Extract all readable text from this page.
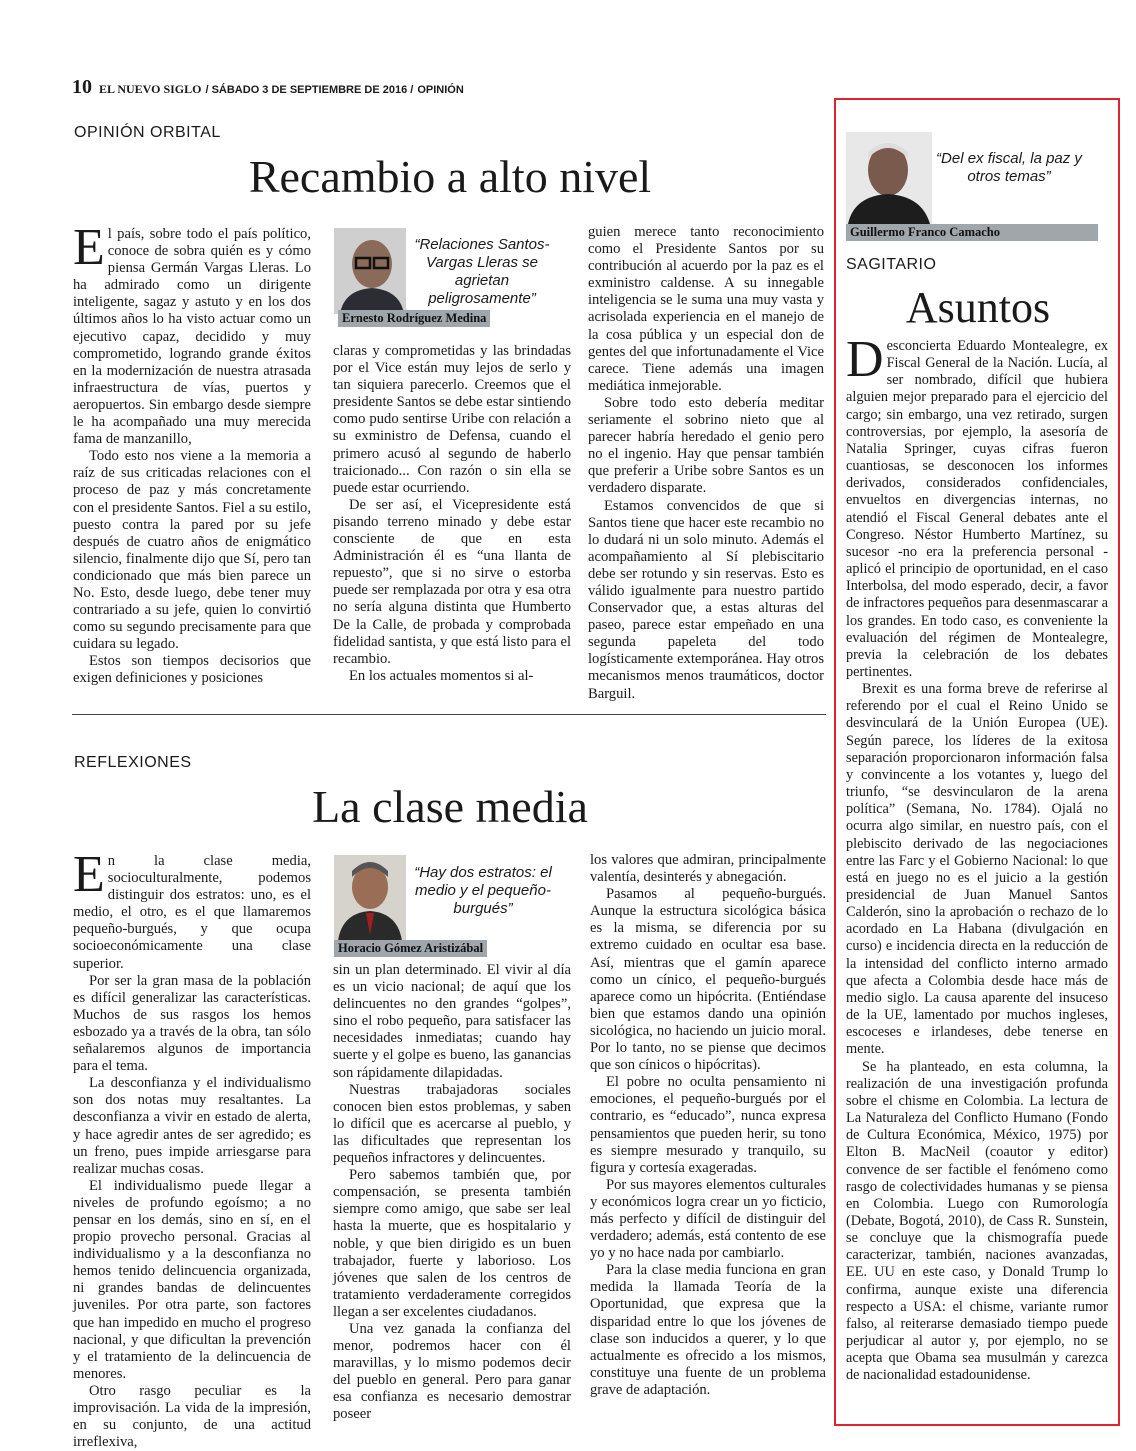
10 EL NUEVO SIGLO / SÁBADO 3 DE SEPTIEMBRE DE 2016 / OPINIÓN
OPINIÓN ORBITAL
Recambio a alto nivel

El país, sobre todo el país político, conoce de sobra quién es y cómo piensa Germán Vargas Lleras. Lo ha admirado como un dirigente inteligente, sagaz y astuto y en los dos últimos años lo ha visto actuar como un ejecutivo capaz, decidido y muy comprometido, logrando grande éxitos en la modernización de nuestra atrasada infraestructura de vías, puertos y aeropuertos. Sin embargo desde siempre le ha acompañado una muy merecida fama de manzanillo,

Todo esto nos viene a la memoria a raíz de sus criticadas relaciones con el proceso de paz y más concretamente con el presidente Santos. Fiel a su estilo, puesto contra la pared por su jefe después de cuatro años de enigmático silencio, finalmente dijo que Sí, pero tan condicionado que más bien parece un No. Esto, desde luego, debe tener muy contrariado a su jefe, quien lo convirtió como su segundo precisamente para que cuidara su legado.

Estos son tiempos decisorios que exigen definiciones y posiciones

“Relaciones Santos-Vargas Lleras se agrietan peligrosamente”
Ernesto Rodríguez Medina

claras y comprometidas y las brindadas por el Vice están muy lejos de serlo y tan siquiera parecerlo. Creemos que el presidente Santos se debe estar sintiendo como pudo sentirse Uribe con relación a su exministro de Defensa, cuando el primero acusó al segundo de haberlo traicionado... Con razón o sin ella se puede estar ocurriendo.

De ser así, el Vicepresidente está pisando terreno minado y debe estar consciente de que en esta Administración él es “una llanta de repuesto”, que si no sirve o estorba puede ser remplazada por otra y esa otra no sería alguna distinta que Humberto De la Calle, de probada y comprobada fidelidad santista, y que está listo para el recambio.

En los actuales momentos si al-

guien merece tanto reconocimiento como el Presidente Santos por su contribución al acuerdo por la paz es el exministro caldense. A su innegable inteligencia se le suma una muy vasta y acrisolada experiencia en el manejo de la cosa pública y un especial don de gentes del que infortunadamente el Vice carece. Tiene además una imagen mediática inmejorable.

Sobre todo esto debería meditar seriamente el sobrino nieto que al parecer habría heredado el genio pero no el ingenio. Hay que pensar también que preferir a Uribe sobre Santos es un verdadero disparate.

Estamos convencidos de que si Santos tiene que hacer este recambio no lo dudará ni un solo minuto. Además el acompañamiento al Sí plebiscitario debe ser rotundo y sin reservas. Esto es válido igualmente para nuestro partido Conservador que, a estas alturas del paseo, parece estar empeñado en una segunda papeleta del todo logísticamente extemporánea. Hay otros mecanismos menos traumáticos, doctor Barguil.

REFLEXIONES
La clase media

En la clase media, socioculturalmente, podemos distinguir dos estratos: uno, es el medio, el otro, es el que llamaremos pequeño-burgués, y que ocupa socioeconómicamente una clase superior.

Por ser la gran masa de la población es difícil generalizar las características. Muchos de sus rasgos los hemos esbozado ya a través de la obra, tan sólo señalaremos algunos de importancia para el tema.

La desconfianza y el individualismo son dos notas muy resaltantes. La desconfianza a vivir en estado de alerta, y hace agredir antes de ser agredido; es un freno, pues impide arriesgarse para realizar muchas cosas.

El individualismo puede llegar a niveles de profundo egoísmo; a no pensar en los demás, sino en sí, en el propio provecho personal. Gracias al individualismo y a la desconfianza no hemos tenido delincuencia organizada, ni grandes bandas de delincuentes juveniles. Por otra parte, son factores que han impedido en mucho el progreso nacional, y que dificultan la prevención y el tratamiento de la delincuencia de menores.

Otro rasgo peculiar es la improvisación. La vida de la impresión, en su conjunto, de una actitud irreflexiva,

“Hay dos estratos: el medio y el pequeño-burgués”
Horacio Gómez Aristizábal

sin un plan determinado. El vivir al día es un vicio nacional; de aquí que los delincuentes no den grandes “golpes”, sino el robo pequeño, para satisfacer las necesidades inmediatas; cuando hay suerte y el golpe es bueno, las ganancias son rápidamente dilapidadas.

Nuestras trabajadoras sociales conocen bien estos problemas, y saben lo difícil que es acercarse al pueblo, y las dificultades que representan los pequeños infractores y delincuentes.

Pero sabemos también que, por compensación, se presenta también siempre como amigo, que sabe ser leal hasta la muerte, que es hospitalario y noble, y que bien dirigido es un buen trabajador, fuerte y laborioso. Los jóvenes que salen de los centros de tratamiento verdaderamente corregidos llegan a ser excelentes ciudadanos.

Una vez ganada la confianza del menor, podremos hacer con él maravillas, y lo mismo podemos decir del pueblo en general. Pero para ganar esa confianza es necesario demostrar poseer

los valores que admiran, principalmente valentía, desinterés y abnegación.

Pasamos al pequeño-burgués. Aunque la estructura sicológica básica es la misma, se diferencia por su extremo cuidado en ocultar esa base. Así, mientras que el gamín aparece como un cínico, el pequeño-burgués aparece como un hipócrita. (Entiéndase bien que estamos dando una opinión sicológica, no haciendo un juicio moral. Por lo tanto, no se piense que decimos que son cínicos o hipócritas).

El pobre no oculta pensamiento ni emociones, el pequeño-burgués por el contrario, es “educado”, nunca expresa pensamientos que pueden herir, su tono es siempre mesurado y tranquilo, su figura y cortesía exageradas.

Por sus mayores elementos culturales y económicos logra crear un yo ficticio, más perfecto y difícil de distinguir del verdadero; además, está contento de ese yo y no hace nada por cambiarlo.

Para la clase media funciona en gran medida la llamada Teoría de la Oportunidad, que expresa que la disparidad entre lo que los jóvenes de clase son inducidos a querer, y lo que actualmente es ofrecido a los mismos, constituye una fuente de un problema grave de adaptación.

“Del ex fiscal, la paz y otros temas”
Guillermo Franco Camacho
SAGITARIO
Asuntos

Desconcierta Eduardo Montealegre, ex Fiscal General de la Nación. Lucía, al ser nombrado, difícil que hubiera alguien mejor preparado para el ejercicio del cargo; sin embargo, una vez retirado, surgen controversias, por ejemplo, la asesoría de Natalia Springer, cuyas cifras fueron cuantiosas, se desconocen los informes derivados, considerados confidenciales, envueltos en divergencias internas, no atendió el Fiscal General debates ante el Congreso. Néstor Humberto Martínez, su sucesor -no era la preferencia personal - aplicó el principio de oportunidad, en el caso Interbolsa, del modo esperado, decir, a favor de infractores pequeños para desenmascarar a los grandes. En todo caso, es conveniente la evaluación del régimen de Montealegre, previa la celebración de los debates pertinentes.

Brexit es una forma breve de referirse al referendo por el cual el Reino Unido se desvinculará de la Unión Europea (UE). Según parece, los líderes de la exitosa separación proporcionaron información falsa y convincente a los votantes y, luego del triunfo, “se desvincularon de la arena política” (Semana, No. 1784). Ojalá no ocurra algo similar, en nuestro país, con el plebiscito derivado de las negociaciones entre las Farc y el Gobierno Nacional: lo que está en juego no es el juicio a la gestión presidencial de Juan Manuel Santos Calderón, sino la aprobación o rechazo de lo acordado en La Habana (divulgación en curso) e incidencia directa en la reducción de la intensidad del conflicto interno armado que afecta a Colombia desde hace más de medio siglo. La causa aparente del insuceso de la UE, lamentado por muchos ingleses, escoceses e irlandeses, debe tenerse en mente.

Se ha planteado, en esta columna, la realización de una investigación profunda sobre el chisme en Colombia. La lectura de La Naturaleza del Conflicto Humano (Fondo de Cultura Económica, México, 1975) por Elton B. MacNeil (coautor y editor) convence de ser factible el fenómeno como rasgo de colectividades humanas y se piensa en Colombia. Luego con Rumorología (Debate, Bogotá, 2010), de Cass R. Sunstein, se concluye que la chismografía puede caracterizar, también, naciones avanzadas, EE. UU en este caso, y Donald Trump lo confirma, aunque existe una diferencia respecto a USA: el chisme, variante rumor falso, al reiterarse demasiado tiempo puede perjudicar al autor y, por ejemplo, no se acepta que Obama sea musulmán y carezca de nacionalidad estadounidense.
